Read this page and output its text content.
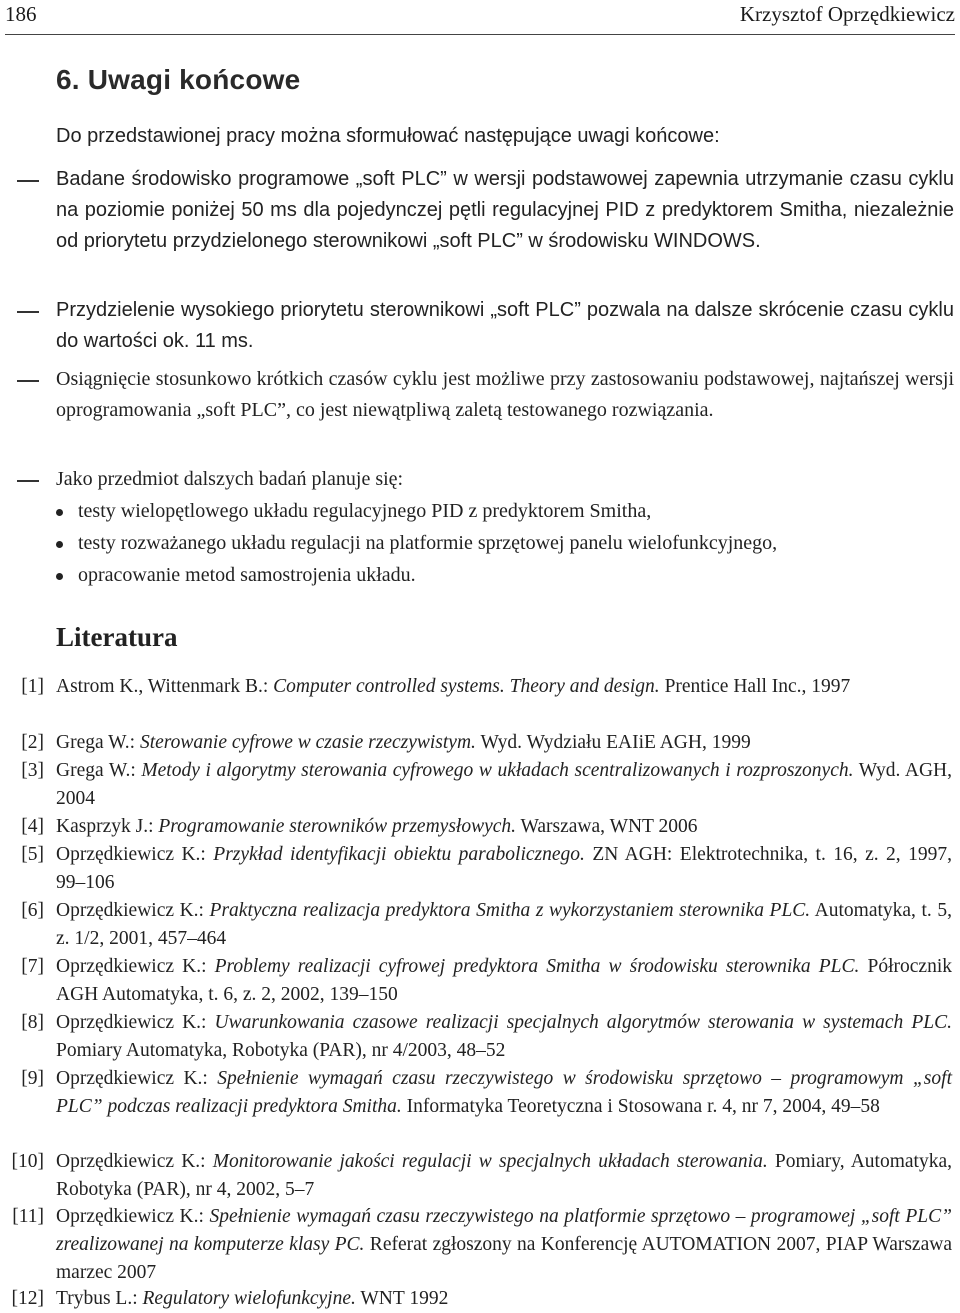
186	Krzysztof Oprzędkiewicz
6. Uwagi końcowe
Do przedstawionej pracy można sformułować następujące uwagi końcowe:
Badane środowisko programowe „soft PLC” w wersji podstawowej zapewnia utrzymanie czasu cyklu na poziomie poniżej 50 ms dla pojedynczej pętli regulacyjnej PID z predyktorem Smitha, niezależnie od priorytetu przydzielonego sterownikowi „soft PLC” w środowisku WINDOWS.
Przydzielenie wysokiego priorytetu sterownikowi „soft PLC” pozwala na dalsze skrócenie czasu cyklu do wartości ok. 11 ms.
Osiągnięcie stosunkowo krótkich czasów cyklu jest możliwe przy zastosowaniu podstawowej, najtańszej wersji oprogramowania „soft PLC”, co jest niewątpliwą zaletą testowanego rozwiązania.
Jako przedmiot dalszych badań planuje się:
testy wielopętlowego układu regulacyjnego PID z predyktorem Smitha,
testy rozważanego układu regulacji na platformie sprzętowej panelu wielofunkcyjnego,
opracowanie metod samostrojenia układu.
Literatura
[1] Astrom K., Wittenmark B.: Computer controlled systems. Theory and design. Prentice Hall Inc., 1997
[2] Grega W.: Sterowanie cyfrowe w czasie rzeczywistym. Wyd. Wydziału EAIiE AGH, 1999
[3] Grega W.: Metody i algorytmy sterowania cyfrowego w układach scentralizowanych i rozproszonych. Wyd. AGH, 2004
[4] Kasprzyk J.: Programowanie sterowników przemysłowych. Warszawa, WNT 2006
[5] Oprzędkiewicz K.: Przykład identyfikacji obiektu parabolicznego. ZN AGH: Elektrotechnika, t. 16, z. 2, 1997, 99–106
[6] Oprzędkiewicz K.: Praktyczna realizacja predyktora Smitha z wykorzystaniem sterownika PLC. Automatyka, t. 5, z. 1/2, 2001, 457–464
[7] Oprzędkiewicz K.: Problemy realizacji cyfrowej predyktora Smitha w środowisku sterownika PLC. Półrocznik AGH Automatyka, t. 6, z. 2, 2002, 139–150
[8] Oprzędkiewicz K.: Uwarunkowania czasowe realizacji specjalnych algorytmów sterowania w systemach PLC. Pomiary Automatyka, Robotyka (PAR), nr 4/2003, 48–52
[9] Oprzędkiewicz K.: Spełnienie wymagań czasu rzeczywistego w środowisku sprzętowo – programowym „soft PLC” podczas realizacji predyktora Smitha. Informatyka Teoretyczna i Stosowana r. 4, nr 7, 2004, 49–58
[10] Oprzędkiewicz K.: Monitorowanie jakości regulacji w specjalnych układach sterowania. Pomiary, Automatyka, Robotyka (PAR), nr 4, 2002, 5–7
[11] Oprzędkiewicz K.: Spełnienie wymagań czasu rzeczywistego na platformie sprzętowo – programowej „soft PLC” zrealizowanej na komputerze klasy PC. Referat zgłoszony na Konferencję AUTOMATION 2007, PIAP Warszawa marzec 2007
[12] Trybus L.: Regulatory wielofunkcyjne. WNT 1992
